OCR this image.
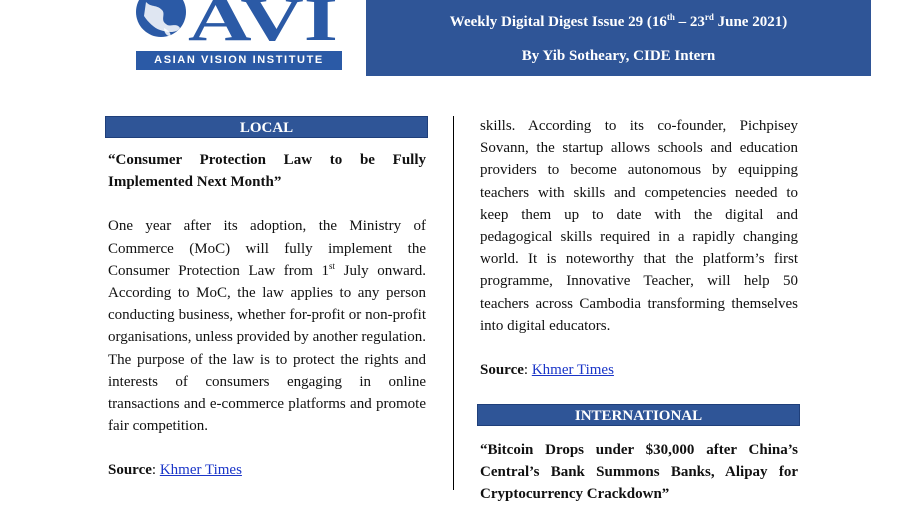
AVI
ASIAN VISION INSTITUTE
Weekly Digital Digest Issue 29 (16th – 23rd June 2021)
By Yib Sotheary, CIDE Intern
LOCAL

“Consumer Protection Law to be Fully Implemented Next Month”

One year after its adoption, the Ministry of Commerce (MoC) will fully implement the Consumer Protection Law from 1st July onward. According to MoC, the law applies to any person conducting business, whether for-profit or non-profit organisations, unless provided by another regulation. The purpose of the law is to protect the rights and interests of consumers engaging in online transactions and e-commerce platforms and promote fair competition.

Source: Khmer Times

skills. According to its co-founder, Pichpisey Sovann, the startup allows schools and education providers to become autonomous by equipping teachers with skills and competencies needed to keep them up to date with the digital and pedagogical skills required in a rapidly changing world. It is noteworthy that the platform’s first programme, Innovative Teacher, will help 50 teachers across Cambodia transforming themselves into digital educators.

Source: Khmer Times

INTERNATIONAL

“Bitcoin Drops under $30,000 after China’s Central’s Bank Summons Banks, Alipay for Cryptocurrency Crackdown”
